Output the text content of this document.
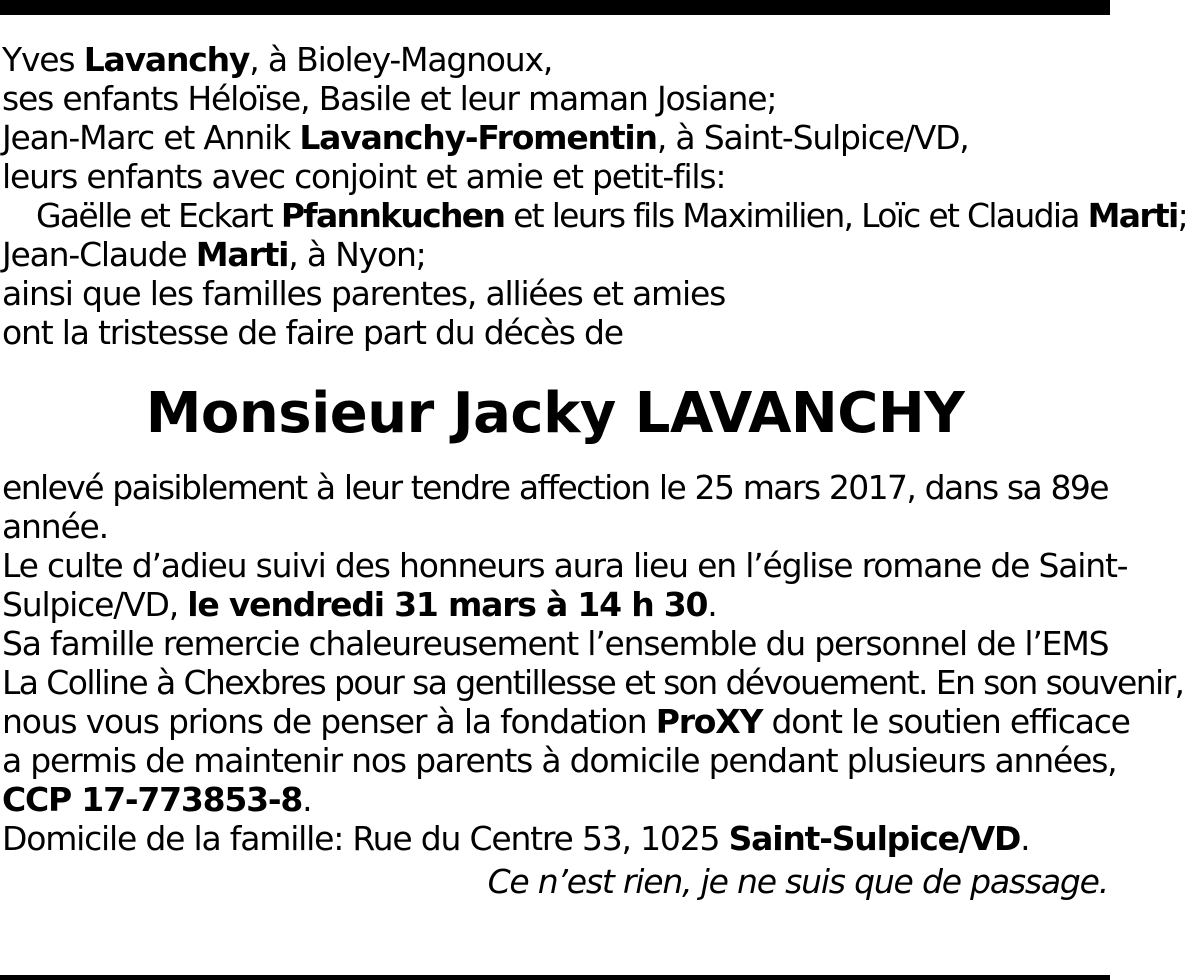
Yves Lavanchy, à Bioley-Magnoux,
ses enfants Héloïse, Basile et leur maman Josiane;
Jean-Marc et Annik Lavanchy-Fromentin, à Saint-Sulpice/VD,
leurs enfants avec conjoint et amie et petit-fils:
Gaëlle et Eckart Pfannkuchen et leurs fils Maximilien, Loïc et Claudia Marti;
Jean-Claude Marti, à Nyon;
ainsi que les familles parentes, alliées et amies
ont la tristesse de faire part du décès de
Monsieur Jacky LAVANCHY
enlevé paisiblement à leur tendre affection le 25 mars 2017, dans sa 89e
année.
Le culte d’adieu suivi des honneurs aura lieu en l’église romane de Saint-
Sulpice/VD, le vendredi 31 mars à 14 h 30.
Sa famille remercie chaleureusement l’ensemble du personnel de l’EMS
La Colline à Chexbres pour sa gentillesse et son dévouement. En son souvenir,
nous vous prions de penser à la fondation ProXY dont le soutien efficace
a permis de maintenir nos parents à domicile pendant plusieurs années,
CCP 17-773853-8.
Domicile de la famille: Rue du Centre 53, 1025 Saint-Sulpice/VD.
Ce n’est rien, je ne suis que de passage.
